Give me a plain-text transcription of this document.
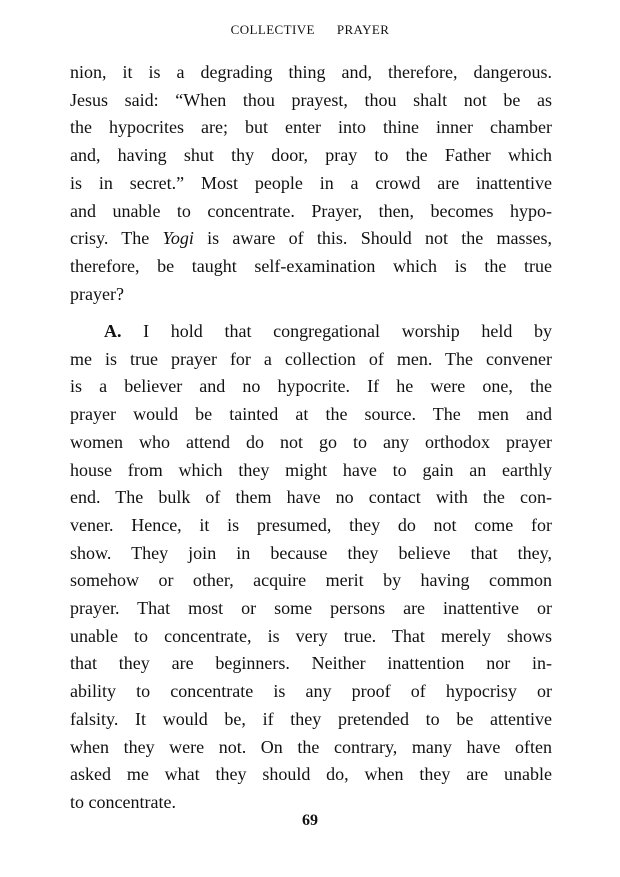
COLLECTIVE PRAYER
nion, it is a degrading thing and, therefore, dangerous.
Jesus said: “When thou prayest, thou shalt not be as
the hypocrites are; but enter into thine inner chamber
and, having shut thy door, pray to the Father which
is in secret.” Most people in a crowd are inattentive
and unable to concentrate. Prayer, then, becomes hypo-
crisy. The Yogi is aware of this. Should not the masses,
therefore, be taught self-examination which is the true
prayer?
A. I hold that congregational worship held by
me is true prayer for a collection of men. The convener
is a believer and no hypocrite. If he were one, the
prayer would be tainted at the source. The men and
women who attend do not go to any orthodox prayer
house from which they might have to gain an earthly
end. The bulk of them have no contact with the con-
vener. Hence, it is presumed, they do not come for
show. They join in because they believe that they,
somehow or other, acquire merit by having common
prayer. That most or some persons are inattentive or
unable to concentrate, is very true. That merely shows
that they are beginners. Neither inattention nor in-
ability to concentrate is any proof of hypocrisy or
falsity. It would be, if they pretended to be attentive
when they were not. On the contrary, many have often
asked me what they should do, when they are unable
to concentrate.
69
